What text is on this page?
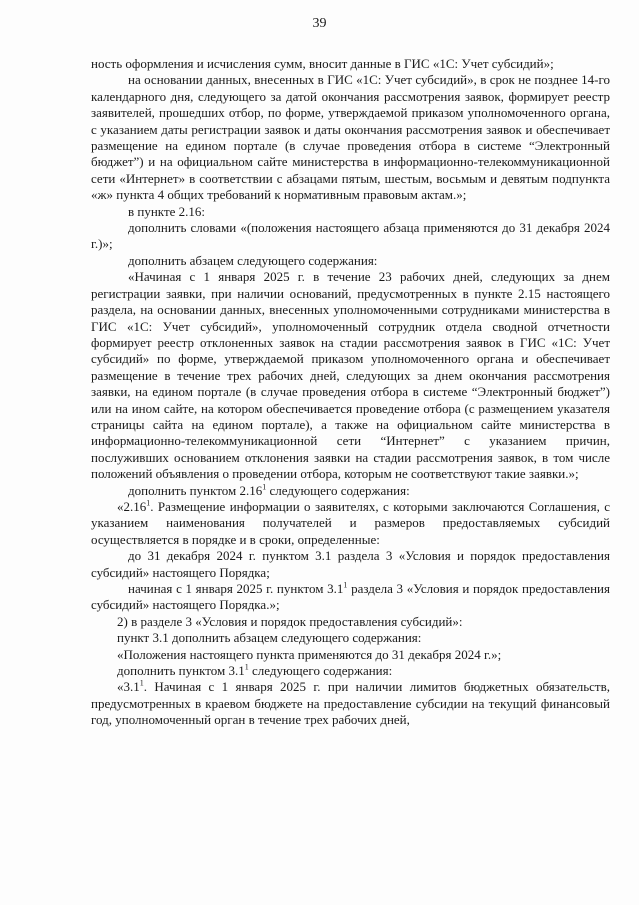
39

ность оформления и исчисления сумм, вносит данные в ГИС «1С: Учет субсидий»;

на основании данных, внесенных в ГИС «1С: Учет субсидий», в срок не позднее 14-го календарного дня, следующего за датой окончания рассмотрения заявок, формирует реестр заявителей, прошедших отбор, по форме, утверждаемой приказом уполномоченного органа, с указанием даты регистрации заявок и даты окончания рассмотрения заявок и обеспечивает размещение на едином портале (в случае проведения отбора в системе “Электронный бюджет”) и на официальном сайте министерства в информационно-телекоммуникационной сети «Интернет» в соответствии с абзацами пятым, шестым, восьмым и девятым подпункта «ж» пункта 4 общих требований к нормативным правовым актам.»;

в пункте 2.16:

дополнить словами «(положения настоящего абзаца применяются до 31 декабря 2024 г.)»;

дополнить абзацем следующего содержания:

«Начиная с 1 января 2025 г. в течение 23 рабочих дней, следующих за днем регистрации заявки, при наличии оснований, предусмотренных в пункте 2.15 настоящего раздела, на основании данных, внесенных уполномоченными сотрудниками министерства в ГИС «1С: Учет субсидий», уполномоченный сотрудник отдела сводной отчетности формирует реестр отклоненных заявок на стадии рассмотрения заявок в ГИС «1С: Учет субсидий» по форме, утверждаемой приказом уполномоченного органа и обеспечивает размещение в течение трех рабочих дней, следующих за днем окончания рассмотрения заявки, на едином портале (в случае проведения отбора в системе “Электронный бюджет”) или на ином сайте, на котором обеспечивается проведение отбора (с размещением указателя страницы сайта на едином портале), а также на официальном сайте министерства в информационно-телекоммуникационной сети “Интернет” с указанием причин, послуживших основанием отклонения заявки на стадии рассмотрения заявок, в том числе положений объявления о проведении отбора, которым не соответствуют такие заявки.»;

дополнить пунктом 2.16$^1$ следующего содержания:

«2.16$^1$. Размещение информации о заявителях, с которыми заключаются Соглашения, с указанием наименования получателей и размеров предоставляемых субсидий осуществляется в порядке и в сроки, определенные:

до 31 декабря 2024 г. пунктом 3.1 раздела 3 «Условия и порядок предоставления субсидий» настоящего Порядка;

начиная с 1 января 2025 г. пунктом $3.1^1$ раздела 3 «Условия и порядок предоставления субсидий» настоящего Порядка.»;

2) в разделе 3 «Условия и порядок предоставления субсидий»:

пункт 3.1 дополнить абзацем следующего содержания:

«Положения настоящего пункта применяются до 31 декабря 2024 г.»;

дополнить пунктом $3.1^1$ следующего содержания:

«$3.1^1$. Начиная с 1 января 2025 г. при наличии лимитов бюджетных обязательств, предусмотренных в краевом бюджете на предоставление субсидии на текущий финансовый год, уполномоченный орган в течение трех рабочих дней,
